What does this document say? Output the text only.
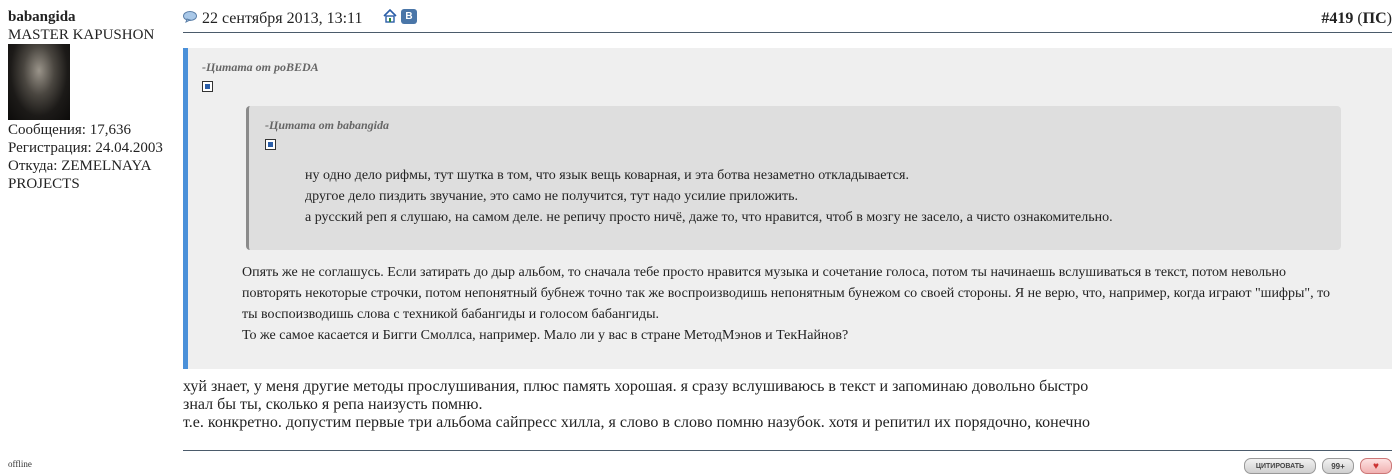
babangida
MASTER KAPUSHON
Сообщения: 17,636
Регистрация: 24.04.2003
Откуда: ZEMELNAYA PROJECTS
offline
22 сентября 2013, 13:11	B	#419 (ПС)
-Цитата от poBEDA
-Цитата от babangida
ну одно дело рифмы, тут шутка в том, что язык вещь коварная, и эта ботва незаметно откладывается.
другое дело пиздить звучание, это само не получится, тут надо усилие приложить.
а русский реп я слушаю, на самом деле. не репичу просто ничё, даже то, что нравится, чтоб в мозгу не засело, а чисто ознакомительно.
Опять же не соглашусь. Если затирать до дыр альбом, то сначала тебе просто нравится музыка и сочетание голоса, потом ты начинаешь вслушиваться в текст, потом невольно повторять некоторые строчки, потом непонятный бубнеж точно так же воспроизводишь непонятным бунежом со своей стороны. Я не верю, что, например, когда играют "шифры", то ты воспоизводишь слова с техникой бабангиды и голосом бабангиды.
То же самое касается и Бигги Смоллса, например. Мало ли у вас в стране МетодМэнов и ТекНайнов?
хуй знает, у меня другие методы прослушивания, плюс память хорошая. я сразу вслушиваюсь в текст и запоминаю довольно быстро
знал бы ты, сколько я репа наизусть помню.
т.е. конкретно. допустим первые три альбома сайпресс хилла, я слово в слово помню назубок. хотя и репитил их порядочно, конечно
ЦИТИРОВАТЬ	99+	♥
